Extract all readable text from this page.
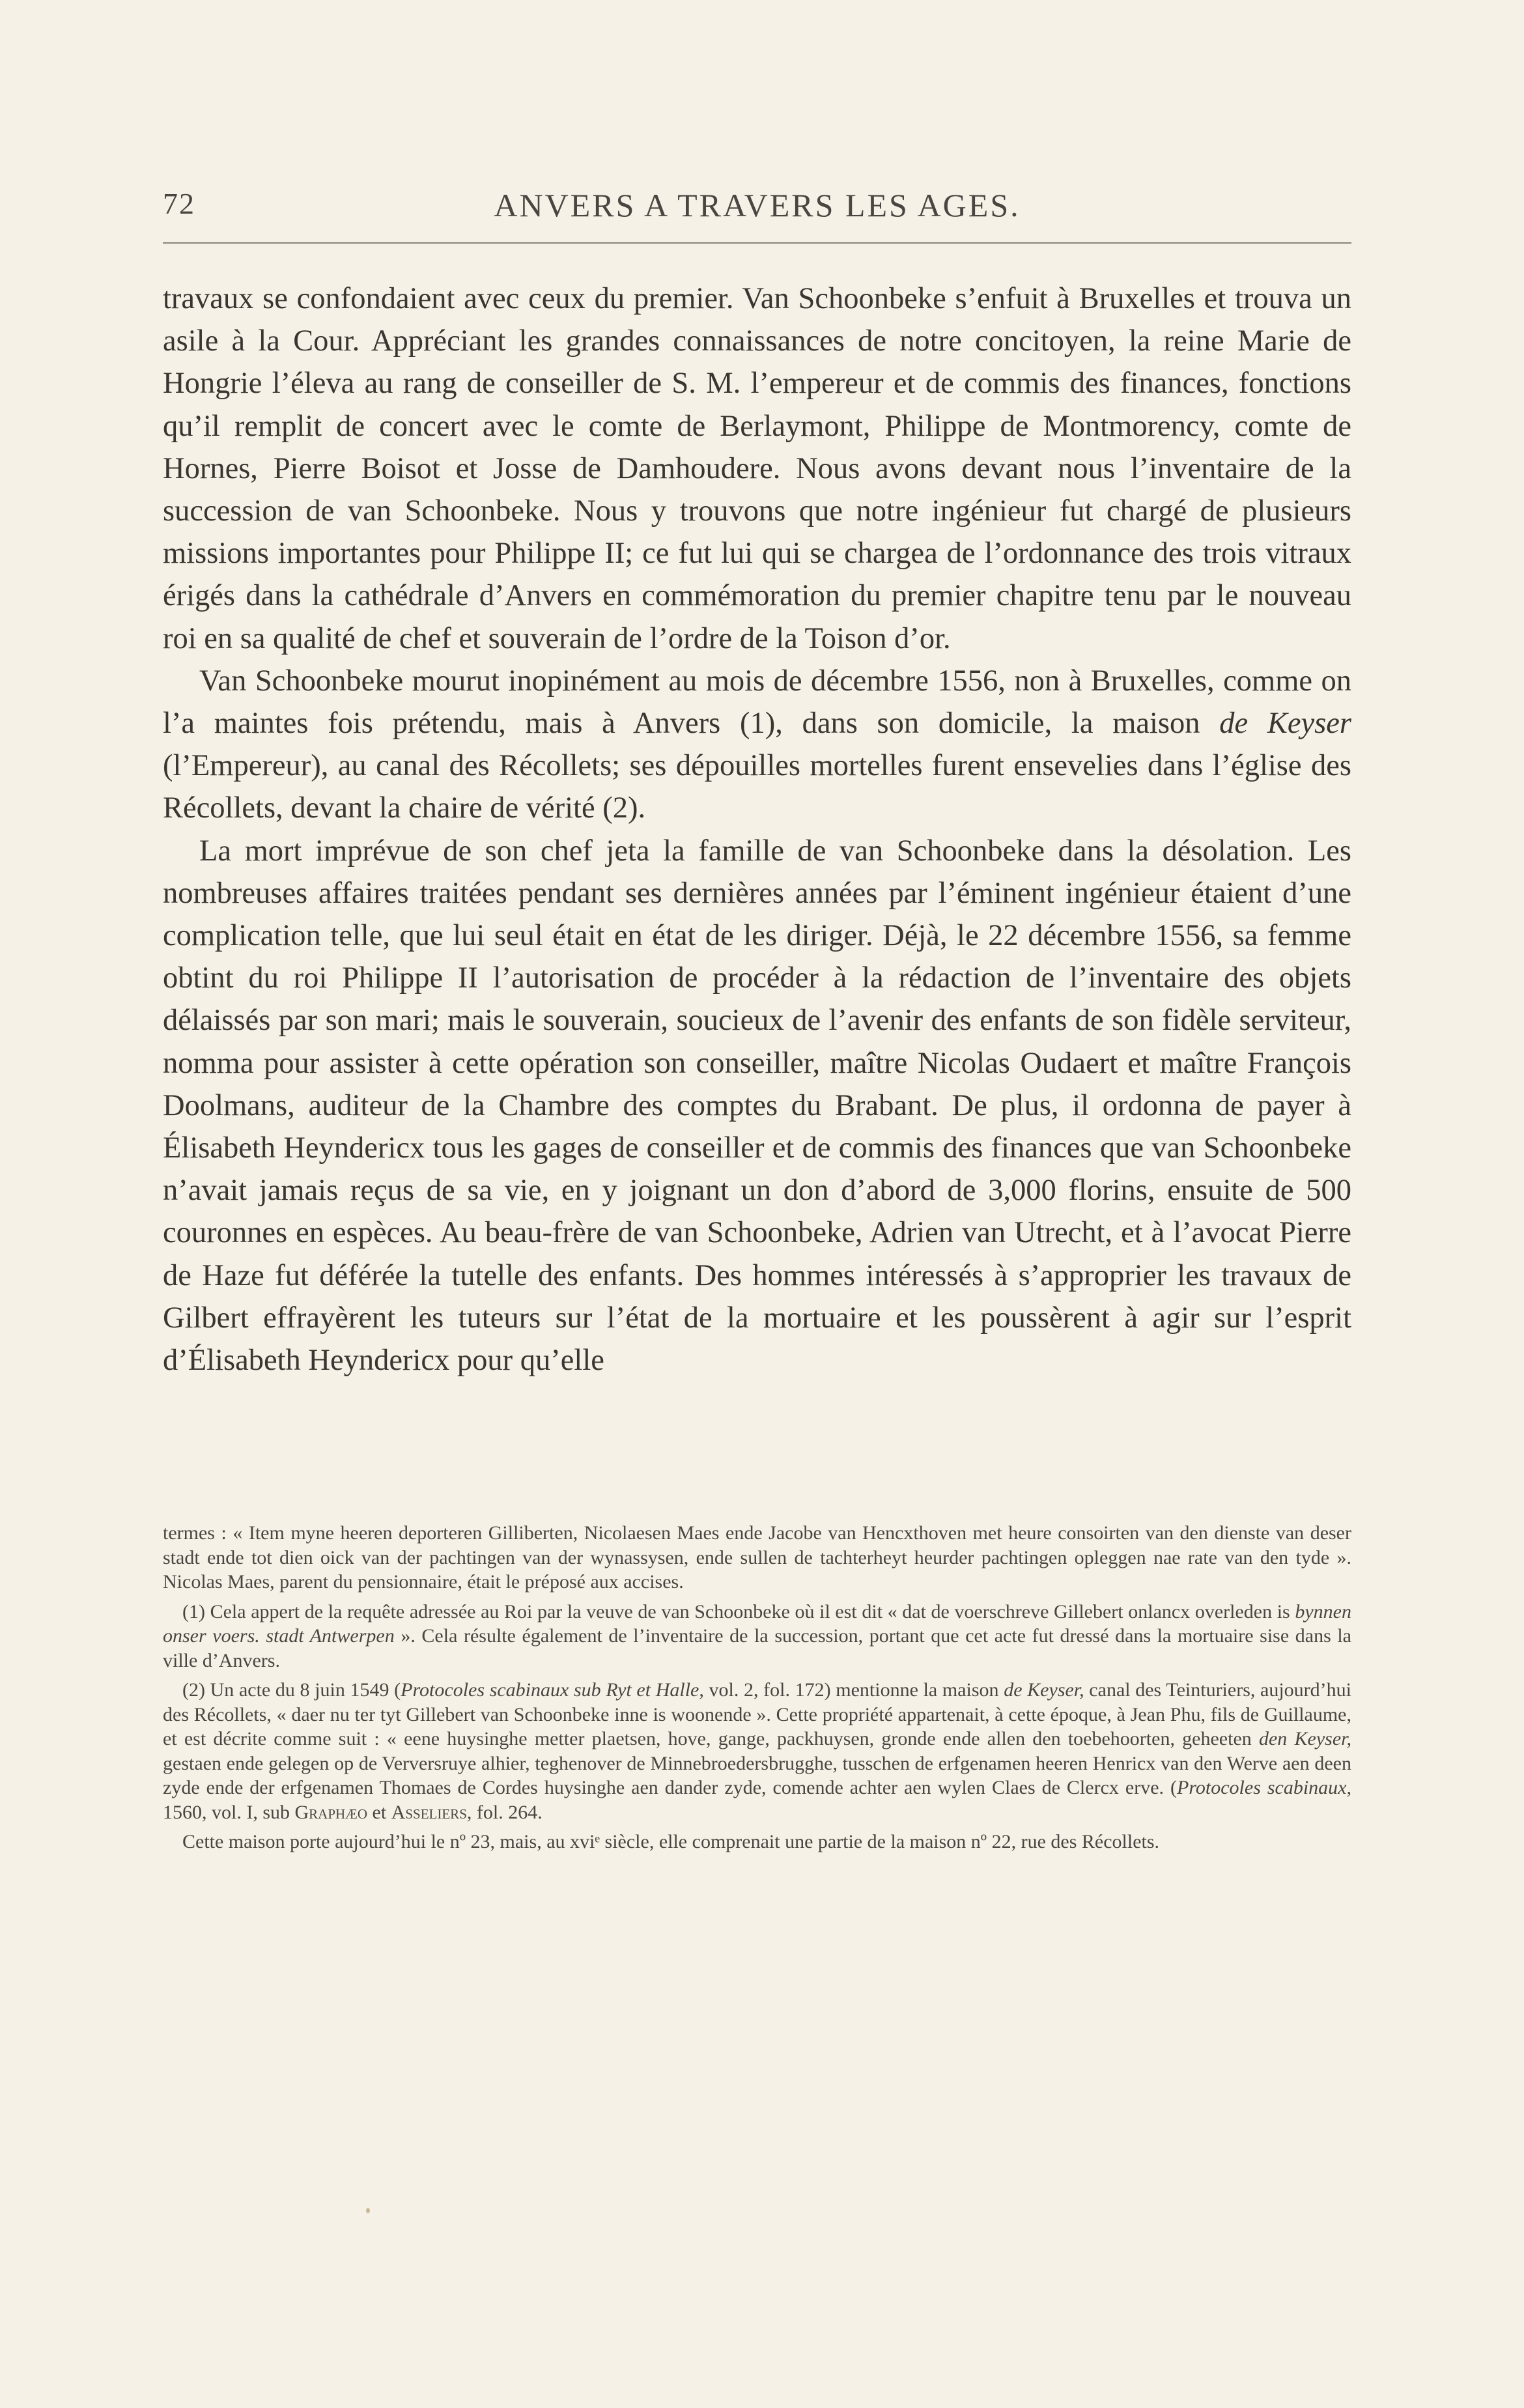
72	ANVERS A TRAVERS LES AGES.

travaux se confondaient avec ceux du premier. Van Schoonbeke s’enfuit à Bruxelles et trouva un asile à la Cour. Appréciant les grandes connaissances de notre concitoyen, la reine Marie de Hongrie l’éleva au rang de conseiller de S. M. l’empereur et de commis des finances, fonctions qu’il remplit de concert avec le comte de Berlaymont, Philippe de Montmorency, comte de Hornes, Pierre Boisot et Josse de Damhoudere. Nous avons devant nous l’inventaire de la succession de van Schoonbeke. Nous y trouvons que notre ingénieur fut chargé de plusieurs missions importantes pour Philippe II; ce fut lui qui se chargea de l’ordonnance des trois vitraux érigés dans la cathédrale d’Anvers en commémoration du premier chapitre tenu par le nouveau roi en sa qualité de chef et souverain de l’ordre de la Toison d’or.

Van Schoonbeke mourut inopinément au mois de décembre 1556, non à Bruxelles, comme on l’a maintes fois prétendu, mais à Anvers (1), dans son domicile, la maison de Keyser (l’Empereur), au canal des Récollets; ses dépouilles mortelles furent ensevelies dans l’église des Récollets, devant la chaire de vérité (2).

La mort imprévue de son chef jeta la famille de van Schoonbeke dans la désolation. Les nombreuses affaires traitées pendant ses dernières années par l’éminent ingénieur étaient d’une complication telle, que lui seul était en état de les diriger. Déjà, le 22 décembre 1556, sa femme obtint du roi Philippe II l’autorisation de procéder à la rédaction de l’inventaire des objets délaissés par son mari; mais le souverain, soucieux de l’avenir des enfants de son fidèle serviteur, nomma pour assister à cette opération son conseiller, maître Nicolas Oudaert et maître François Doolmans, auditeur de la Chambre des comptes du Brabant. De plus, il ordonna de payer à Élisabeth Heyndericx tous les gages de conseiller et de commis des finances que van Schoonbeke n’avait jamais reçus de sa vie, en y joignant un don d’abord de 3,000 florins, ensuite de 500 couronnes en espèces. Au beau-frère de van Schoonbeke, Adrien van Utrecht, et à l’avocat Pierre de Haze fut déférée la tutelle des enfants. Des hommes intéressés à s’approprier les travaux de Gilbert effrayèrent les tuteurs sur l’état de la mortuaire et les poussèrent à agir sur l’esprit d’Élisabeth Heyndericx pour qu’elle

termes : « Item myne heeren deporteren Gilliberten, Nicolaesen Maes ende Jacobe van Hencxthoven met heure consoirten van den dienste van deser stadt ende tot dien oick van der pachtingen van der wynassysen, ende sullen de tachterheyt heurder pachtingen opleggen nae rate van den tyde ». Nicolas Maes, parent du pensionnaire, était le préposé aux accises.

(1) Cela appert de la requête adressée au Roi par la veuve de van Schoonbeke où il est dit « dat de voerschreve Gillebert onlancx overleden is bynnen onser voers. stadt Antwerpen ». Cela résulte également de l’inventaire de la succession, portant que cet acte fut dressé dans la mortuaire sise dans la ville d’Anvers.

(2) Un acte du 8 juin 1549 (Protocoles scabinaux sub Ryt et Halle, vol. 2, fol. 172) mentionne la maison de Keyser, canal des Teinturiers, aujourd’hui des Récollets, « daer nu ter tyt Gillebert van Schoonbeke inne is woonende ». Cette propriété appartenait, à cette époque, à Jean Phu, fils de Guillaume, et est décrite comme suit : « eene huysinghe metter plaetsen, hove, gange, packhuysen, gronde ende allen den toebehoorten, geheeten den Keyser, gestaen ende gelegen op de Verversruye alhier, teghenover de Minnebroedersbrugghe, tusschen de erfgenamen heeren Henricx van den Werve aen deen zyde ende der erfgenamen Thomaes de Cordes huysinghe aen dander zyde, comende achter aen wylen Claes de Clercx erve. (Protocoles scabinaux, 1560, vol. I, sub Graphæo et Asseliers, fol. 264.

Cette maison porte aujourd’hui le nº 23, mais, au xviᵉ siècle, elle comprenait une partie de la maison nº 22, rue des Récollets.
